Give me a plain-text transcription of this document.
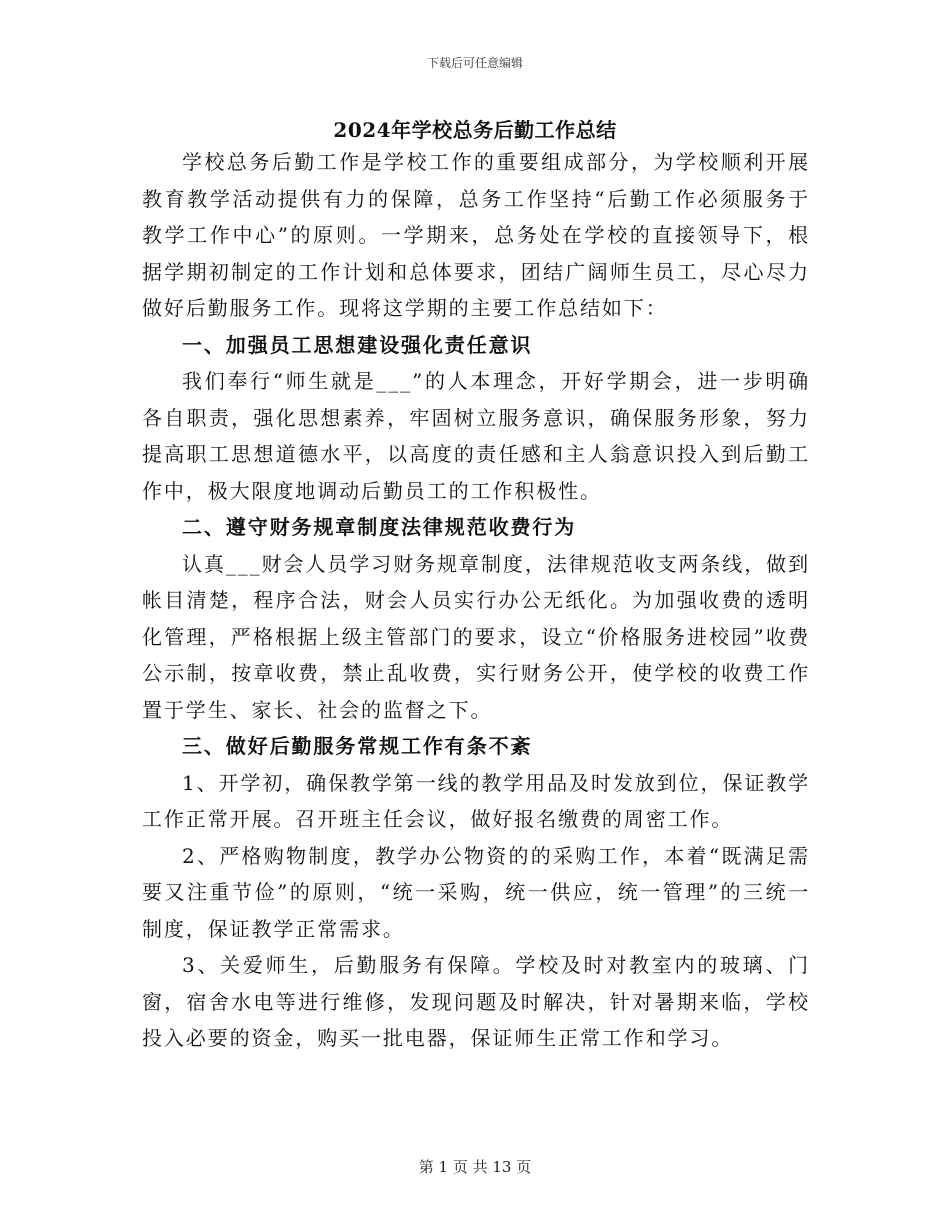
下载后可任意编辑
2024年学校总务后勤工作总结

学校总务后勤工作是学校工作的重要组成部分，为学校顺利开展教育教学活动提供有力的保障，总务工作坚持“后勤工作必须服务于教学工作中心”的原则。一学期来，总务处在学校的直接领导下，根据学期初制定的工作计划和总体要求，团结广阔师生员工，尽心尽力做好后勤服务工作。现将这学期的主要工作总结如下：

一、加强员工思想建设强化责任意识

我们奉行“师生就是___”的人本理念，开好学期会，进一步明确各自职责，强化思想素养，牢固树立服务意识，确保服务形象，努力提高职工思想道德水平，以高度的责任感和主人翁意识投入到后勤工作中，极大限度地调动后勤员工的工作积极性。

二、遵守财务规章制度法律规范收费行为

认真___财会人员学习财务规章制度，法律规范收支两条线，做到帐目清楚，程序合法，财会人员实行办公无纸化。为加强收费的透明化管理，严格根据上级主管部门的要求，设立“价格服务进校园”收费公示制，按章收费，禁止乱收费，实行财务公开，使学校的收费工作置于学生、家长、社会的监督之下。

三、做好后勤服务常规工作有条不紊

1、开学初，确保教学第一线的教学用品及时发放到位，保证教学工作正常开展。召开班主任会议，做好报名缴费的周密工作。

2、严格购物制度，教学办公物资的的采购工作，本着“既满足需要又注重节俭”的原则，“统一采购，统一供应，统一管理”的三统一制度，保证教学正常需求。

3、关爱师生，后勤服务有保障。学校及时对教室内的玻璃、门窗，宿舍水电等进行维修，发现问题及时解决，针对暑期来临，学校投入必要的资金，购买一批电器，保证师生正常工作和学习。

第 1 页 共 13 页
